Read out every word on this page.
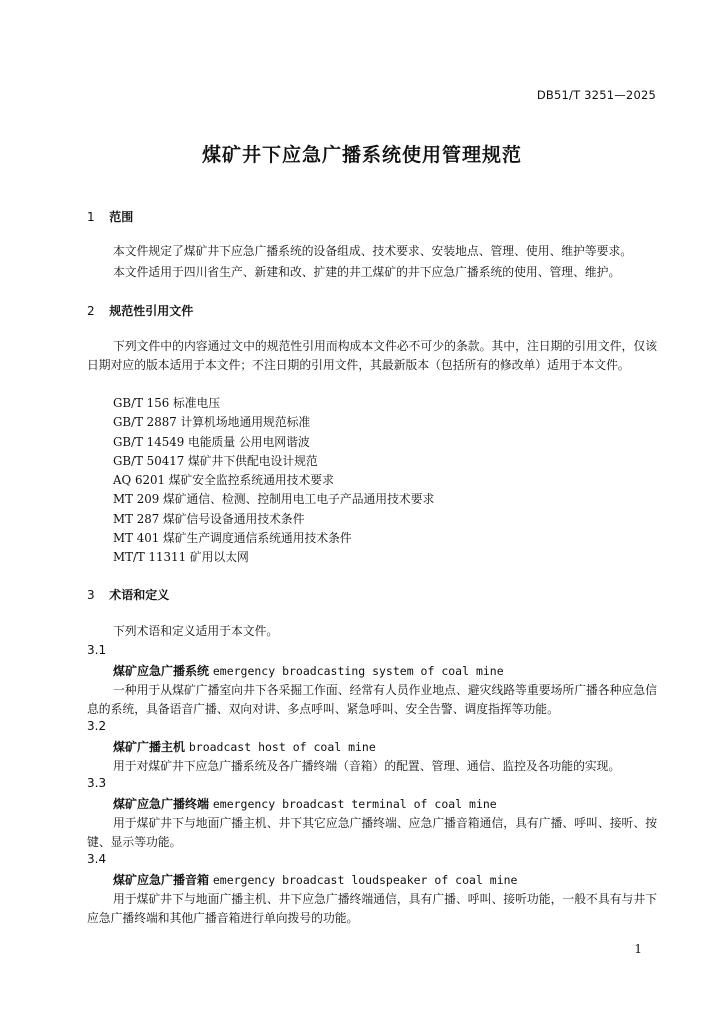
DB51/T 3251—2025
煤矿井下应急广播系统使用管理规范
1 范围
本文件规定了煤矿井下应急广播系统的设备组成、技术要求、安装地点、管理、使用、维护等要求。
本文件适用于四川省生产、新建和改、扩建的井工煤矿的井下应急广播系统的使用、管理、维护。
2 规范性引用文件
下列文件中的内容通过文中的规范性引用而构成本文件必不可少的条款。其中，注日期的引用文件，仅该日期对应的版本适用于本文件；不注日期的引用文件，其最新版本（包括所有的修改单）适用于本文件。
GB/T 156 标准电压
GB/T 2887 计算机场地通用规范标准
GB/T 14549 电能质量 公用电网谐波
GB/T 50417 煤矿井下供配电设计规范
AQ 6201 煤矿安全监控系统通用技术要求
MT 209 煤矿通信、检测、控制用电工电子产品通用技术要求
MT 287 煤矿信号设备通用技术条件
MT 401 煤矿生产调度通信系统通用技术条件
MT/T 11311 矿用以太网
3 术语和定义
下列术语和定义适用于本文件。
3.1
煤矿应急广播系统 emergency broadcasting system of coal mine
一种用于从煤矿广播室向井下各采掘工作面、经常有人员作业地点、避灾线路等重要场所广播各种应急信息的系统，具备语音广播、双向对讲、多点呼叫、紧急呼叫、安全告警、调度指挥等功能。
3.2
煤矿广播主机 broadcast host of coal mine
用于对煤矿井下应急广播系统及各广播终端（音箱）的配置、管理、通信、监控及各功能的实现。
3.3
煤矿应急广播终端 emergency broadcast terminal of coal mine
用于煤矿井下与地面广播主机、井下其它应急广播终端、应急广播音箱通信，具有广播、呼叫、接听、按键、显示等功能。
3.4
煤矿应急广播音箱 emergency broadcast loudspeaker of coal mine
用于煤矿井下与地面广播主机、井下应急广播终端通信，具有广播、呼叫、接听功能，一般不具有与井下应急广播终端和其他广播音箱进行单向拨号的功能。
1
